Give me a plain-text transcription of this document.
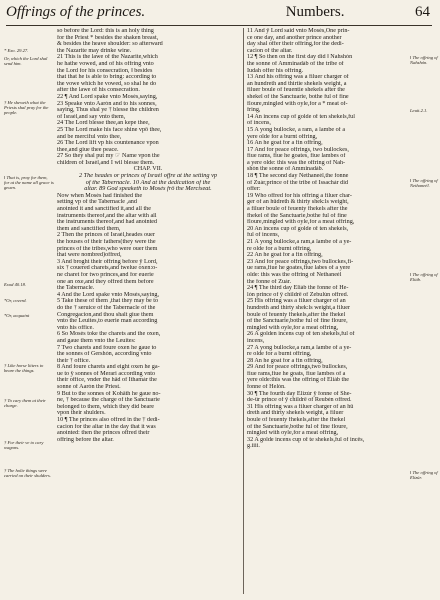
Offrings of the princes.	Numbers.	64
* Exo. 29.27.
Or, which the Lord shal send him.
† He sheweth what the Priests shal pray for the people.
‖ That is, pray for them, for at the name all grace is geuen.
Exod 40.18.
*Or, coverd.
*Or, acquaint
† Like horse litters to beare the things.
† To cary them at their charge.
† For their ve to cary wagons.
† The holie things were carried on their shulders.
so before the Lord: this is an holy thing
for the Priest * besides the shaken breast,
& besides the heave shoulder: so afterward
the Nazarite may drinke wine.
21 This is the lawe of the Nazarite,which
he hathe vowed, and of his offring vnto
the Lord for his consecration, ‖ besides
that that he is able to bring: according to
the vowe which he vowed, so shal he do
after the lawe of his consecration.
22 ¶ And Lord spake vnto Mosés,saying,
23 Speake vnto Aarón and to his sonnes,
saying, Thus shal ye † blesse the children
of Israél,and say vnto them,
24 The Lord blesse thee,an kepe thee,
25 The Lord make his face shine vpō thee,
and be merciful vnto thee,
26 The Lord lift vp his countenance vpon
thee,and giue thee peace.
27 So they shal put my ☞ Name vpon the
children of Israél,and I wil blesse them.
CHAP. VII.
2 The heades or princes of Israél offre at the setting vp
of the Tabernacle. 10 And at the dedication of the
altar. 89 God speaketh to Mosés frō the Merciseat.
Now when Mosés had finished the
setting vp of the Tabernacle ,and
anointed it and sanctified it,and all the
instruments thereof,and the altar with all
the instruments thereof,and had anointed
them and sanctified them,
2 Then the princes of Israél,heades ouer
the houses of their fathers(they were the
princes of the tribes,who were ouer them
that were nombred)offred,
3 And broght their offring before ÿ Lord,
six † couered charets,and twelue oxen:o-
ne charet for two princes,and for euerie
one an oxe,and they offred them before
the Tabernacle.
4 And the Lord spake vnto Mosés,saying,
5 Take these of them ,that they may be to
do the † seruice of the Tabernacle of the
Congregacion,and thou shalt giue them
vnto the Leuites,to euerie man according
vnto his office.
6 So Mosés toke the charets and the oxen,
and gaue them vnto the Leuites:
7 Two charets and foure oxen he gaue to
the sonnes of Gershón, according vnto
their † office.
8 And foure charets and eight oxen he ga-
ue to ÿ sonnes of Merari according vnto
their office, vnder the hād of Ithamár the
sonne of Aarón the Priest.
9 But to the sonnes of Kohāth he gaue no-
ne, † because the charge of the Sanctuarie
belonged to them, which they did beare
vpon their shulders.
10 ¶ The princes also offred in the † dedi-
cacion for the altar in the day that it was
anointed: then the princes offred their
offring before the altar.
11 And ÿ Lord said vnto Mosés,One prin-
ce one day, and another prince another
day shal offer their offring,for the dedi-
cacion of the altar.
12 ¶ So then on the first day did ‖ Nahshón
the sonne of Amminadáb of the tribe of
Iudah offer his offring.
13 And his offring was a filuer charger of
an hundreth and thirtie shekels weight, a
filuer boule of feuentie shekels after the
shekel of the Sanctuarie, bothe ful of fine
floure,mingled with oyle,for a * meat of-
fring,
14 An incens cup of golde of ten shekels,ful
of incens,
15 A yong bullocke, a ram, a lambe of a
yere olde for a burnt offring,
16 An he goat for a fin offring,
17 And for peace offrings, two bullockes,
fiue rams, fiue he goates, fiue lambes of
a yere olde: this was the offring of Nah-
shón the sonne of Amminadáb.
18 ¶ The second day Nethaneél,the fonne
of Zuár,prince of the tribe of Issachár did
offer:
19 Who offred for his offring a filuer char-
ger of an hūdreth & thirty shek:ls weight,
a filuer boule of feuenty fhekels after the
fhekel of the Sanctuarie,bothe ful of fine
floure,mingled with oyle,for a meat offring,
20 An incens cup of golde of ten shekels,
ful of incens,
21 A yong bullocke,a ram,a lambe of a ye-
re olde for a burnt offring,
22 An he goat for a fin offring,
23 And for peace offrings,two bullockes,fi-
ue rams,fiue he goates,fiue labes of a yere
olde: this was the offring of Nethaneél
the fonne of Zuár.
24 ¶ The third day Eliáb the fonne of He-
lón prince of ÿ childrē of Zebulún offred.
25 His offring was a filuer charger of an
hundreth and thirty shek:ls weight,a filuer
boule of feuenty fhekels,after the fhekel
of the Sanctuarie,bothe ful of fine floure,
mingled with oyle,for a meat offring,
26 A golden incens cup of ten shekels,ful of
incens,
27 A yong bullocke,a ram,a lambe of a ye-
re olde for a burnt offring,
28 An he goat for a fin offring,
29 And for peace offrings,two bullockes,
fiue rams,fiue he goats, fiue lambes of a
yere olde:this was the offring of Eliáb the
fonne of Helón.
30 ¶ The fourth day Elizúr ÿ fonne of She-
de-ûr prince of ÿ childrē of Reubén offred.
31 His offring was a filuer charger of an hū
dreth and thirty shekels weight, a filuer
boule of feuenty fhekels,after the fhekel
of the Sanctuarie,bothe ful of fine floure,
mingled with oyle,for a meat offring,
32 A golde incens cup of te shekels,ful of incês,
g.iiii.
‖ The offring of Nahshón.
Leuit.2.1.
‖ The offring of Nethaneél.
‖ The offring of Eliáb.
‖ The offring of Elizúr.
